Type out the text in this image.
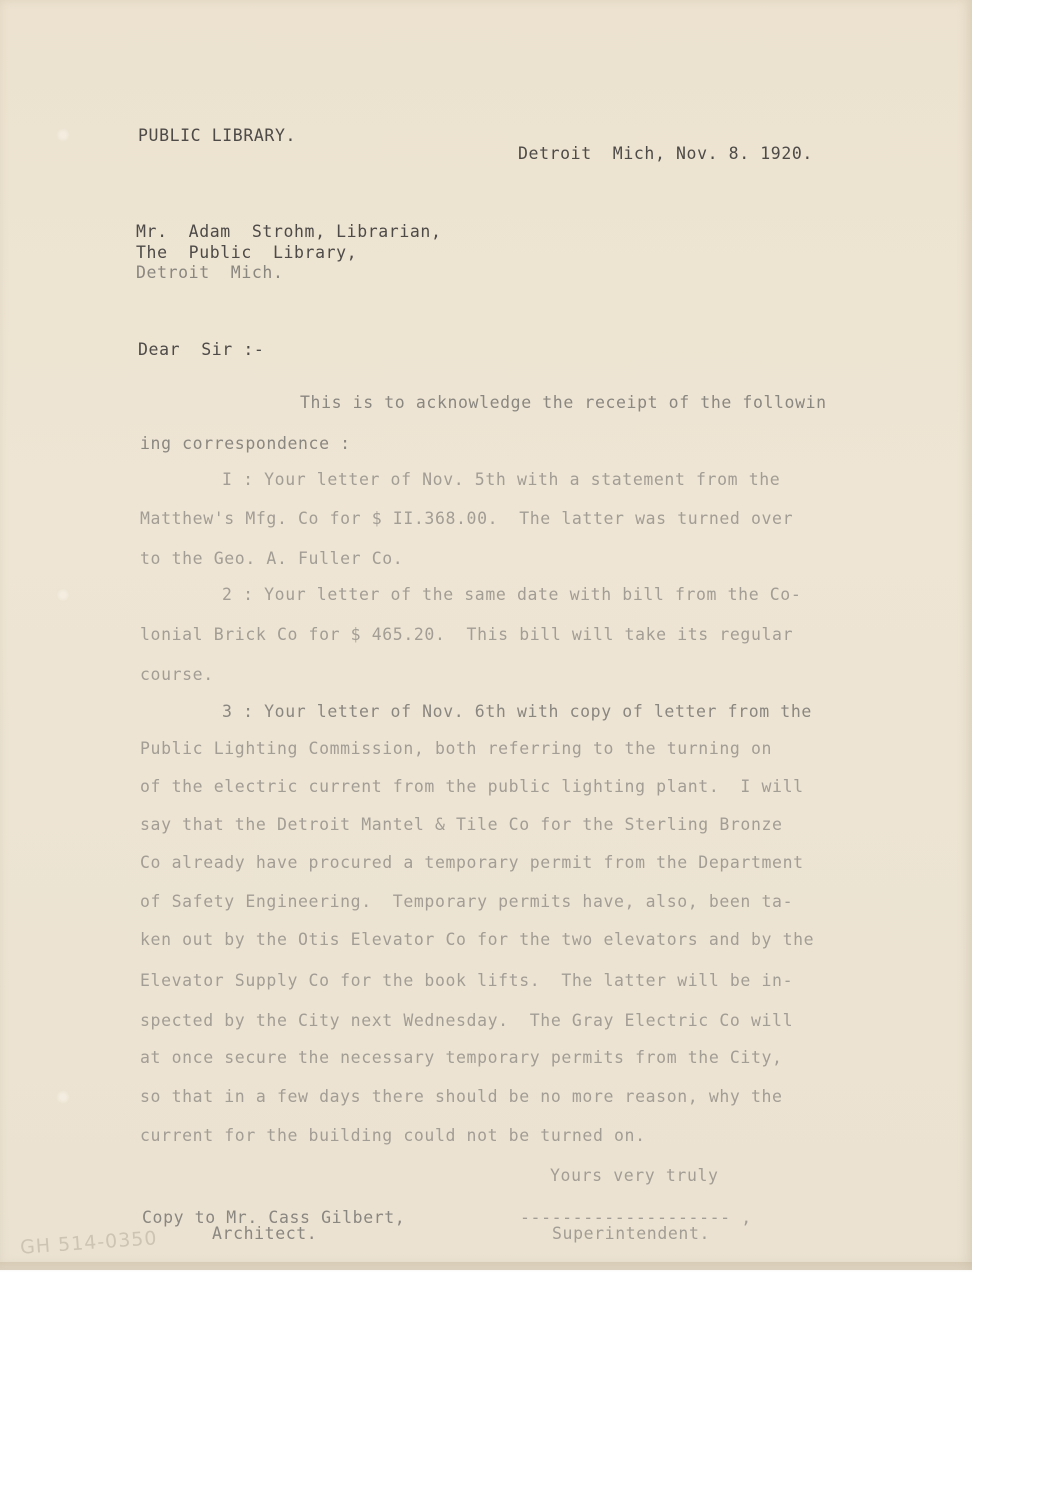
PUBLIC LIBRARY.
Detroit  Mich, Nov. 8. 1920.
Mr.  Adam  Strohm, Librarian,
The  Public  Library,
Detroit  Mich.
Dear  Sir :-
This is to acknowledge the receipt of the followin
ing correspondence :
I : Your letter of Nov. 5th with a statement from the
Matthew's Mfg. Co for $ II.368.00.  The latter was turned over
to the Geo. A. Fuller Co.
2 : Your letter of the same date with bill from the Co-
lonial Brick Co for $ 465.20.  This bill will take its regular
course.
3 : Your letter of Nov. 6th with copy of letter from the
Public Lighting Commission, both referring to the turning on
of the electric current from the public lighting plant.  I will
say that the Detroit Mantel & Tile Co for the Sterling Bronze
Co already have procured a temporary permit from the Department
of Safety Engineering.  Temporary permits have, also, been ta-
ken out by the Otis Elevator Co for the two elevators and by the
Elevator Supply Co for the book lifts.  The latter will be in-
spected by the City next Wednesday.  The Gray Electric Co will
at once secure the necessary temporary permits from the City,
so that in a few days there should be no more reason, why the
current for the building could not be turned on.
Yours very truly
-------------------- ,
Superintendent.
Copy to Mr. Cass Gilbert,
Architect.
GH 514-0350
